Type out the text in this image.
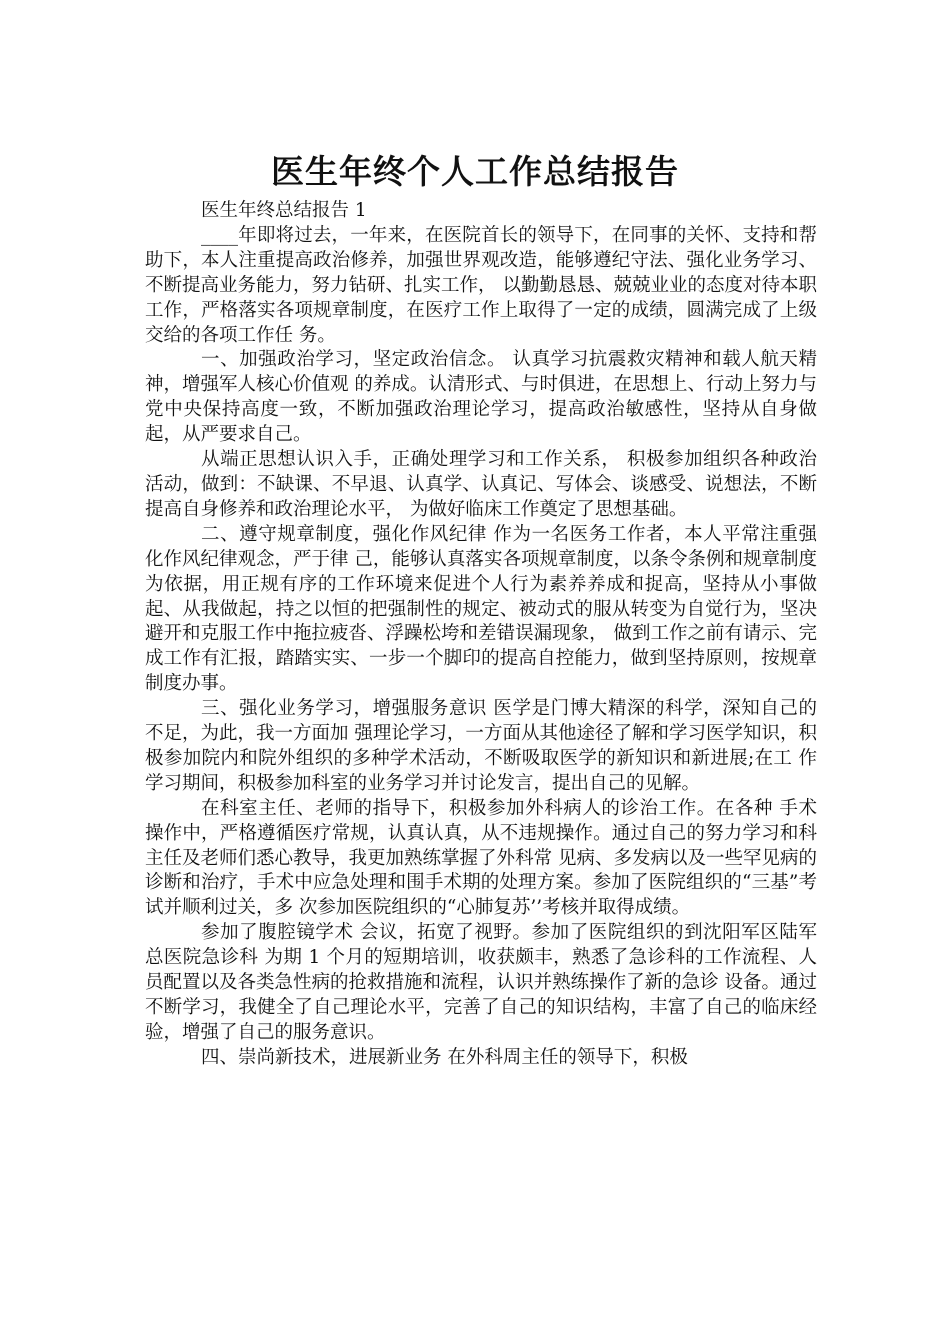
医生年终个人工作总结报告

医生年终总结报告 1

____年即将过去，一年来，在医院首长的领导下，在同事的关怀、支持和帮助下，本人注重提高政治修养，加强世界观改造，能够遵纪守法、强化业务学习、不断提高业务能力，努力钻研、扎实工作， 以勤勤恳恳、兢兢业业的态度对待本职工作，严格落实各项规章制度，在医疗工作上取得了一定的成绩，圆满完成了上级交给的各项工作任 务。

一、加强政治学习，坚定政治信念。 认真学习抗震救灾精神和载人航天精神，增强军人核心价值观 的养成。认清形式、与时俱进，在思想上、行动上努力与党中央保持高度一致，不断加强政治理论学习，提高政治敏感性，坚持从自身做起，从严要求自己。

从端正思想认识入手，正确处理学习和工作关系， 积极参加组织各种政治活动，做到：不缺课、不早退、认真学、认真记、写体会、谈感受、说想法，不断提高自身修养和政治理论水平， 为做好临床工作奠定了思想基础。

二、遵守规章制度，强化作风纪律 作为一名医务工作者，本人平常注重强化作风纪律观念，严于律 己，能够认真落实各项规章制度，以条令条例和规章制度为依据，用正规有序的工作环境来促进个人行为素养养成和捉高，坚持从小事做 起、从我做起，持之以恒的把强制性的规定、被动式的服从转变为自觉行为，坚决避开和克服工作中拖拉疲沓、浮躁松垮和差错误漏现象， 做到工作之前有请示、完成工作有汇报，踏踏实实、一步一个脚印的提高自控能力，做到坚持原则，按规章制度办事。

三、强化业务学习，增强服务意识 医学是门博大精深的科学，深知自己的不足，为此，我一方面加 强理论学习，一方面从其他途径了解和学习医学知识，积极参加院内和院外组织的多种学术活动，不断吸取医学的新知识和新进展;在工 作学习期间，积极参加科室的业务学习并讨论发言，提出自己的见解。

在科室主任、老师的指导下，积极参加外科病人的诊治工作。在各种 手术操作中，严格遵循医疗常规，认真认真，从不违规操作。通过自己的努力学习和科主任及老师们悉心教导，我更加熟练掌握了外科常 见病、多发病以及一些罕见病的诊断和治疗，手术中应急处理和围手术期的处理方案。参加了医院组织的“三基”考试并顺利过关，多 次参加医院组织的“心肺复苏’’考核并取得成绩。

参加了腹腔镜学术 会议，拓宽了视野。参加了医院组织的到沈阳军区陆军总医院急诊科 为期 1 个月的短期培训，收获颇丰，熟悉了急诊科的工作流程、人员配置以及各类急性病的抢救措施和流程，认识并熟练操作了新的急诊 设备。通过不断学习，我健全了自己理论水平，完善了自己的知识结构，丰富了自己的临床经验，增强了自己的服务意识。

四、崇尚新技术，进展新业务 在外科周主任的领导下，积极
